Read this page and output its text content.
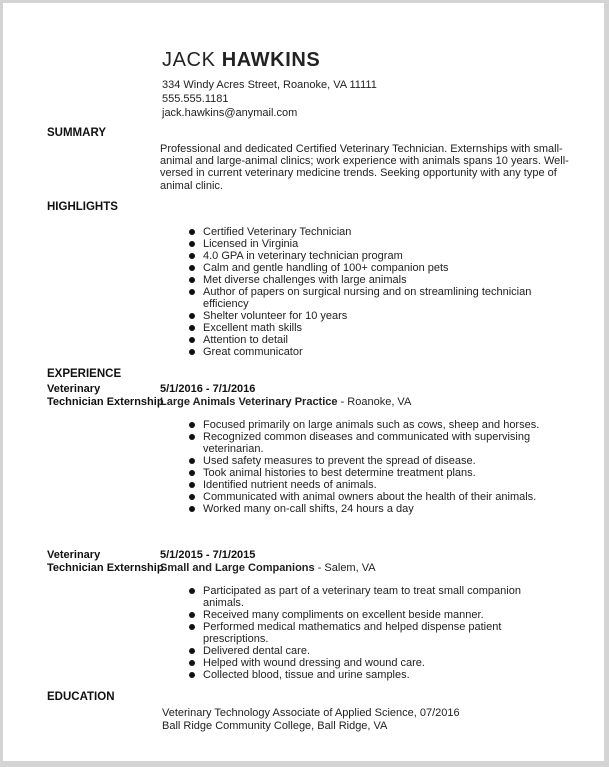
JACK HAWKINS
334 Windy Acres Street, Roanoke, VA 11111
555.555.1181
jack.hawkins@anymail.com
SUMMARY
Professional and dedicated Certified Veterinary Technician. Externships with small-animal and large-animal clinics; work experience with animals spans 10 years. Well-versed in current veterinary medicine trends. Seeking opportunity with any type of animal clinic.
HIGHLIGHTS
Certified Veterinary Technician
Licensed in Virginia
4.0 GPA in veterinary technician program
Calm and gentle handling of 100+ companion pets
Met diverse challenges with large animals
Author of papers on surgical nursing and on streamlining technician efficiency
Shelter volunteer for 10 years
Excellent math skills
Attention to detail
Great communicator
EXPERIENCE
Veterinary
Technician Externship
5/1/2016 - 7/1/2016
Large Animals Veterinary Practice - Roanoke, VA
Focused primarily on large animals such as cows, sheep and horses.
Recognized common diseases and communicated with supervising veterinarian.
Used safety measures to prevent the spread of disease.
Took animal histories to best determine treatment plans.
Identified nutrient needs of animals.
Communicated with animal owners about the health of their animals.
Worked many on-call shifts, 24 hours a day
Veterinary
Technician Externship
5/1/2015 - 7/1/2015
Small and Large Companions - Salem, VA
Participated as part of a veterinary team to treat small companion animals.
Received many compliments on excellent beside manner.
Performed medical mathematics and helped dispense patient prescriptions.
Delivered dental care.
Helped with wound dressing and wound care.
Collected blood, tissue and urine samples.
EDUCATION
Veterinary Technology Associate of Applied Science, 07/2016
Ball Ridge Community College, Ball Ridge, VA
